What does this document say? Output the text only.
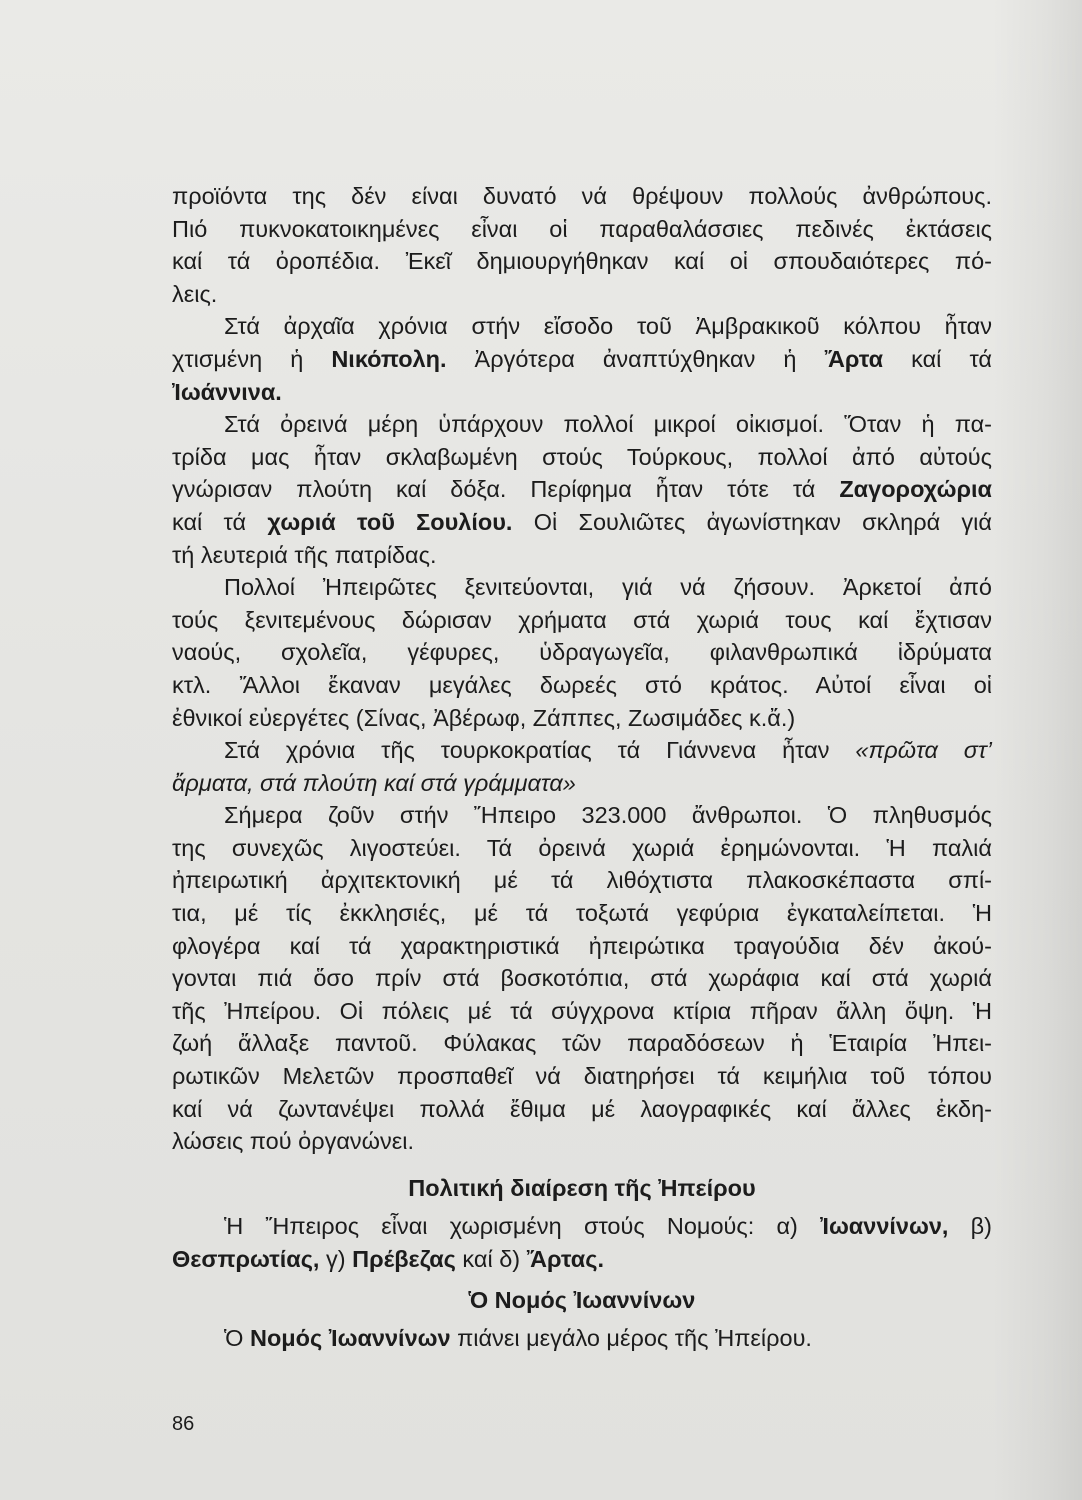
προϊόντα της δέν είναι δυνατό νά θρέψουν πολλούς ἀνθρώπους.
Πιό πυκνοκατοικημένες εἶναι οἱ παραθαλάσσιες πεδινές ἐκτάσεις
καί τά ὀροπέδια. Ἐκεῖ δημιουργήθηκαν καί οἱ σπουδαιότερες πό-
λεις.
Στά ἀρχαῖα χρόνια στήν εἴσοδο τοῦ Ἀμβρακικοῦ κόλπου ἦταν
χτισμένη ἡ Νικόπολη. Ἀργότερα ἀναπτύχθηκαν ἡ Ἄρτα καί τά
Ἰωάννινα.
Στά ὀρεινά μέρη ὑπάρχουν πολλοί μικροί οἰκισμοί. Ὅταν ἡ πα-
τρίδα μας ἦταν σκλαβωμένη στούς Τούρκους, πολλοί ἀπό αὐτούς
γνώρισαν πλούτη καί δόξα. Περίφημα ἦταν τότε τά Ζαγοροχώρια
καί τά χωριά τοῦ Σουλίου. Οἱ Σουλιῶτες ἀγωνίστηκαν σκληρά γιά
τή λευτεριά τῆς πατρίδας.
Πολλοί Ἠπειρῶτες ξενιτεύονται, γιά νά ζήσουν. Ἀρκετοί ἀπό
τούς ξενιτεμένους δώρισαν χρήματα στά χωριά τους καί ἔχτισαν
ναούς, σχολεῖα, γέφυρες, ὑδραγωγεῖα, φιλανθρωπικά ἱδρύματα
κτλ. Ἄλλοι ἔκαναν μεγάλες δωρεές στό κράτος. Αὐτοί εἶναι οἱ
ἐθνικοί εὐεργέτες (Σίνας, Ἀβέρωφ, Ζάππες, Ζωσιμάδες κ.ἄ.)
Στά χρόνια τῆς τουρκοκρατίας τά Γιάννενα ἦταν «πρῶτα στ’
ἄρματα, στά πλούτη καί στά γράμματα»
Σήμερα ζοῦν στήν Ἤπειρο 323.000 ἄνθρωποι. Ὁ πληθυσμός
της συνεχῶς λιγοστεύει. Τά ὀρεινά χωριά ἐρημώνονται. Ἡ παλιά
ἠπειρωτική ἀρχιτεκτονική μέ τά λιθόχτιστα πλακοσκέπαστα σπί-
τια, μέ τίς ἐκκλησιές, μέ τά τοξωτά γεφύρια ἐγκαταλείπεται. Ἡ
φλογέρα καί τά χαρακτηριστικά ἠπειρώτικα τραγούδια δέν ἀκού-
γονται πιά ὅσο πρίν στά βοσκοτόπια, στά χωράφια καί στά χωριά
τῆς Ἠπείρου. Οἱ πόλεις μέ τά σύγχρονα κτίρια πῆραν ἄλλη ὄψη. Ἡ
ζωή ἄλλαξε παντοῦ. Φύλακας τῶν παραδόσεων ἡ Ἑταιρία Ἠπει-
ρωτικῶν Μελετῶν προσπαθεῖ νά διατηρήσει τά κειμήλια τοῦ τόπου
καί νά ζωντανέψει πολλά ἔθιμα μέ λαογραφικές καί ἄλλες ἐκδη-
λώσεις πού ὀργανώνει.
Πολιτική διαίρεση τῆς Ἠπείρου
Ἡ Ἤπειρος εἶναι χωρισμένη στούς Νομούς: α) Ἰωαννίνων, β)
Θεσπρωτίας, γ) Πρέβεζας καί δ) Ἄρτας.
Ὁ Νομός Ἰωαννίνων
Ὁ Νομός Ἰωαννίνων πιάνει μεγάλο μέρος τῆς Ἠπείρου.
86
